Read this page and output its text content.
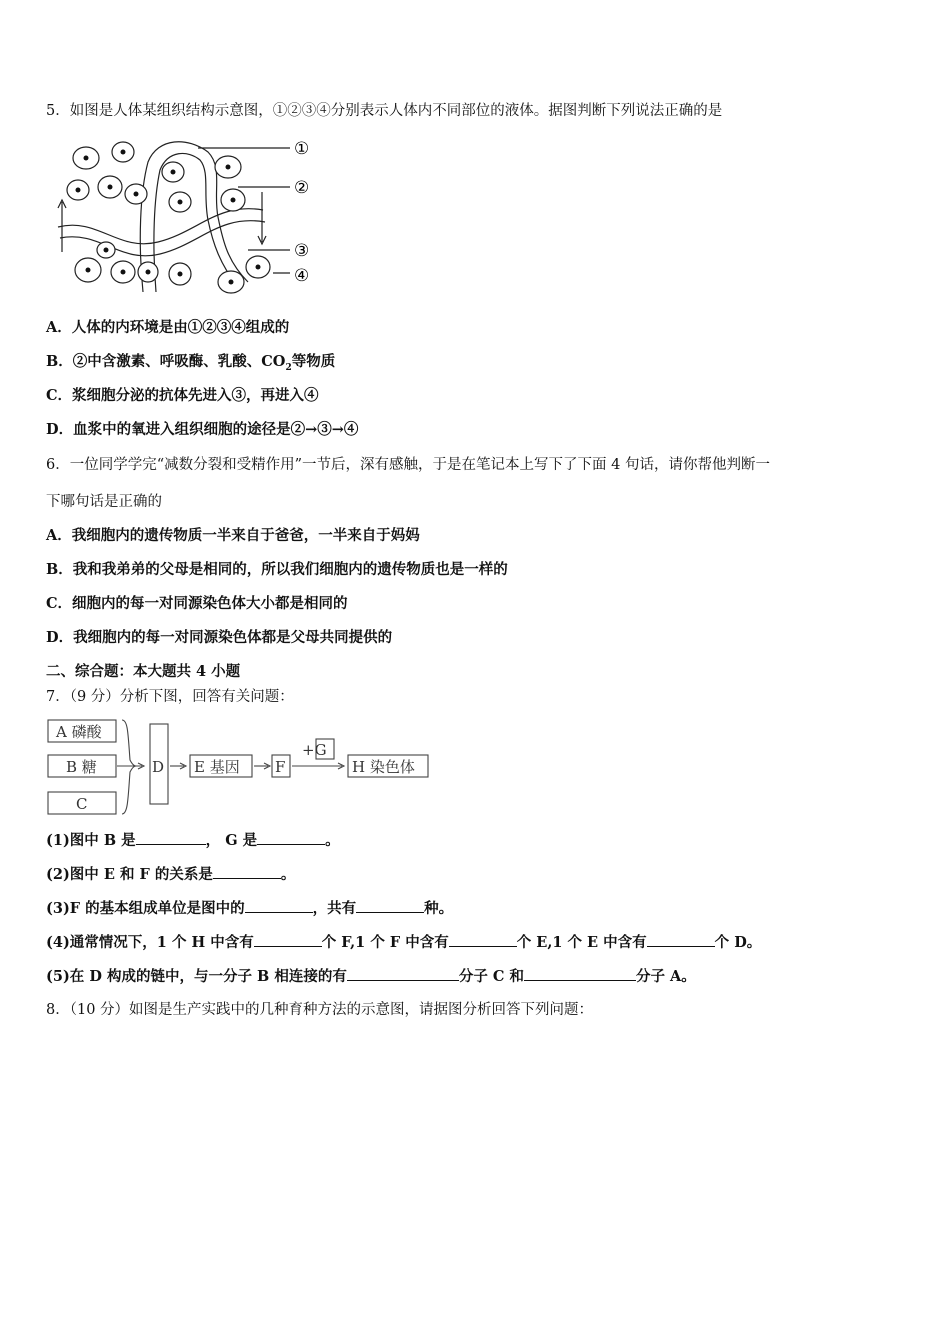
5．如图是人体某组织结构示意图，①②③④分别表示人体内不同部位的液体。据图判断下列说法正确的是
①
②
③
④
A．人体的内环境是由①②③④组成的
B．②中含激素、呼吸酶、乳酸、$CO_2$等物质
C．浆细胞分泌的抗体先进入③，再进入④
D．血浆中的氧进入组织细胞的途径是②→③→④
6．一位同学学完“减数分裂和受精作用”一节后，深有感触，于是在笔记本上写下了下面 4 句话，请你帮他判断一
下哪句话是正确的
A．我细胞内的遗传物质一半来自于爸爸，一半来自于妈妈
B．我和我弟弟的父母是相同的，所以我们细胞内的遗传物质也是一样的
C．细胞内的每一对同源染色体大小都是相同的
D．我细胞内的每一对同源染色体都是父母共同提供的
二、综合题：本大题共 4 小题
7．（9 分）分析下图，回答有关问题：
A 磷酸
B 糖
C
D E 基因 F
+G
H 染色体
(1)图中 B 是	， G 是	。
(2)图中 E 和 F 的关系是	。
(3)F 的基本组成单位是图中的	，共有	种。
(4)通常情况下，1 个 H 中含有	个 F,1 个 F 中含有	个 E,1 个 E 中含有	个 D。
(5)在 D 构成的链中，与一分子 B 相连接的有	分子 C 和	分子 A。
8．（10 分）如图是生产实践中的几种育种方法的示意图，请据图分析回答下列问题：
